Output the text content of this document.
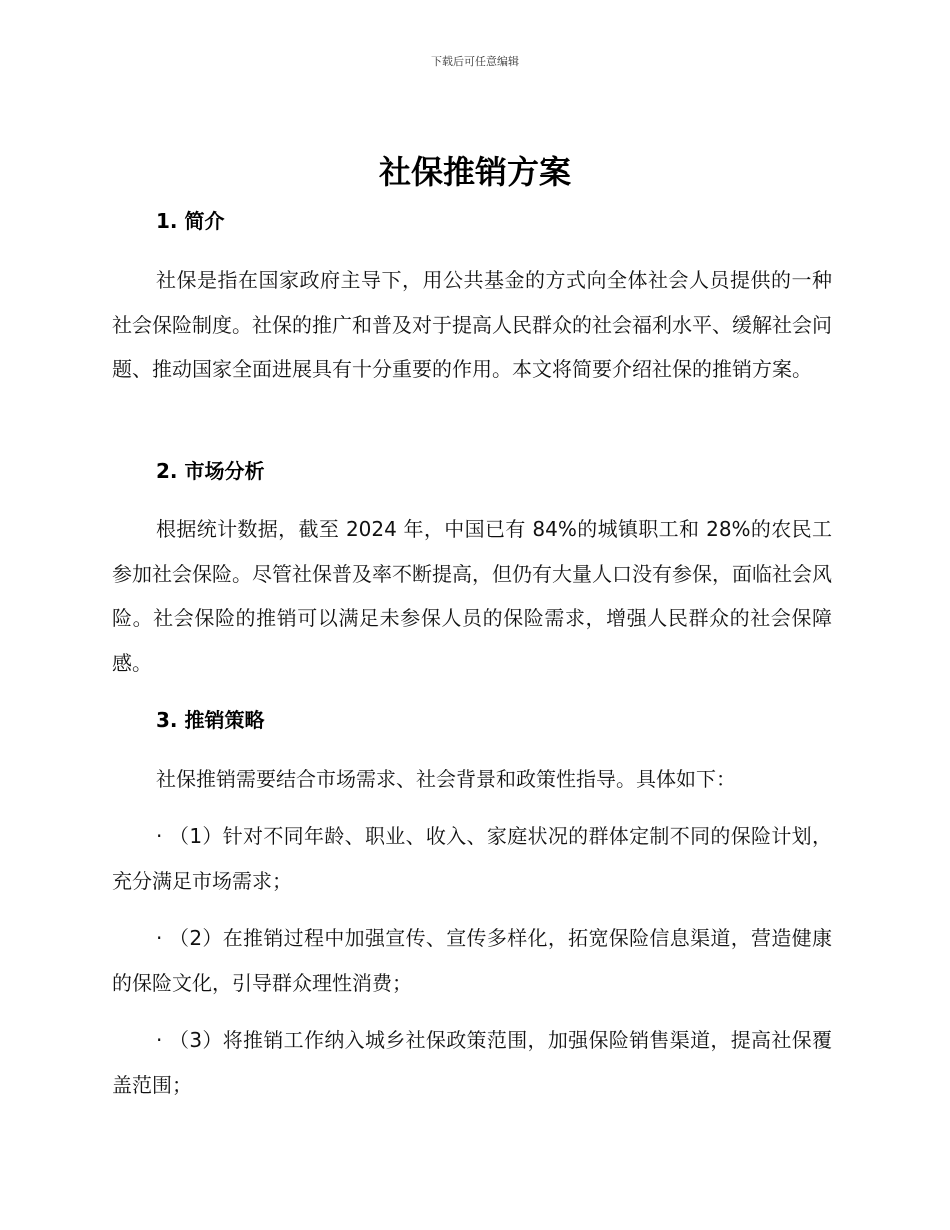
下载后可任意编辑
社保推销方案
1. 简介

社保是指在国家政府主导下，用公共基金的方式向全体社会人员提供的一种社会保险制度。社保的推广和普及对于提高人民群众的社会福利水平、缓解社会问题、推动国家全面进展具有十分重要的作用。本文将简要介绍社保的推销方案。

2. 市场分析

根据统计数据，截至 2024 年，中国已有 84%的城镇职工和 28%的农民工参加社会保险。尽管社保普及率不断提高，但仍有大量人口没有参保，面临社会风险。社会保险的推销可以满足未参保人员的保险需求，增强人民群众的社会保障感。

3. 推销策略

社保推销需要结合市场需求、社会背景和政策性指导。具体如下：

· （1）针对不同年龄、职业、收入、家庭状况的群体定制不同的保险计划，充分满足市场需求；

· （2）在推销过程中加强宣传、宣传多样化，拓宽保险信息渠道，营造健康的保险文化，引导群众理性消费；

· （3）将推销工作纳入城乡社保政策范围，加强保险销售渠道，提高社保覆盖范围；
